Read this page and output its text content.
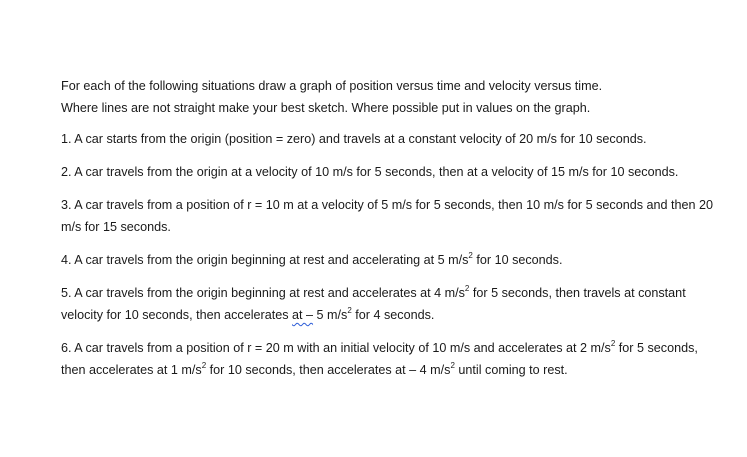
For each of the following situations draw a graph of position versus time and velocity versus time.
Where lines are not straight make your best sketch. Where possible put in values on the graph.

1. A car starts from the origin (position = zero) and travels at a constant velocity of 20 m/s for 10 seconds.

2. A car travels from the origin at a velocity of 10 m/s for 5 seconds, then at a velocity of 15 m/s for 10 seconds.

3. A car travels from a position of r = 10 m at a velocity of 5 m/s for 5 seconds, then 10 m/s for 5 seconds and then 20 m/s for 15 seconds.

4. A car travels from the origin beginning at rest and accelerating at 5 $m/s^2$ for 10 seconds.

5. A car travels from the origin beginning at rest and accelerates at 4 $m/s^2$ for 5 seconds, then travels at constant velocity for 10 seconds, then accelerates at – 5 $m/s^2$ for 4 seconds.

6. A car travels from a position of r = 20 m with an initial velocity of 10 m/s and accelerates at 2 $m/s^2$ for 5 seconds, then accelerates at 1 $m/s^2$ for 10 seconds, then accelerates at – 4 $m/s^2$ until coming to rest.
